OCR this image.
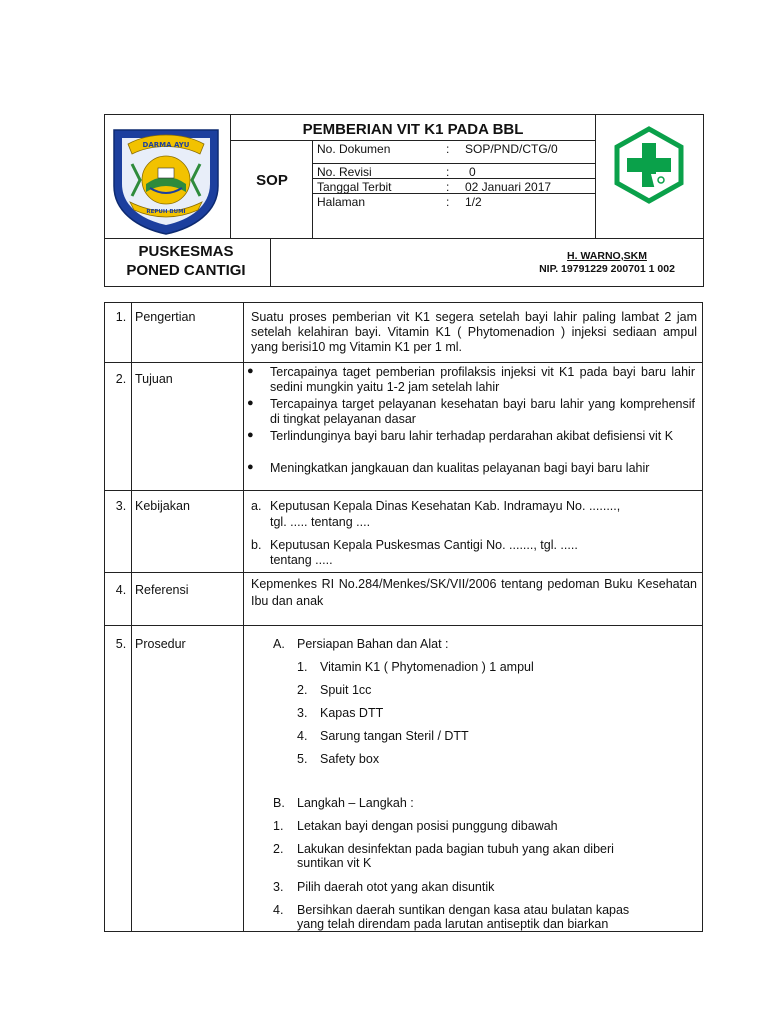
DARMA AYU
REPUH BUMI
PEMBERIAN VIT K1 PADA BBL
SOP
No. Dokumen	: SOP/PND/CTG/0
No. Revisi	: 0
Tanggal Terbit	: 02 Januari 2017
Halaman	: 1/2
PUSKESMAS
PONED CANTIGI
H. WARNO,SKM
NIP. 19791229 200701 1 002
1. Pengertian	Suatu proses pemberian vit K1 segera setelah bayi lahir paling lambat 2 jam setelah kelahiran bayi. Vitamin K1 ( Phytomenadion ) injeksi sediaan ampul yang berisi10 mg Vitamin K1 per 1 ml.
2. Tujuan
● Tercapainya taget pemberian profilaksis injeksi vit K1 pada bayi baru lahir sedini mungkin yaitu 1-2 jam setelah lahir
● Tercapainya target pelayanan kesehatan bayi baru lahir yang komprehensif di tingkat pelayanan dasar
● Terlindunginya bayi baru lahir terhadap perdarahan akibat defisiensi vit K
● Meningkatkan jangkauan dan kualitas pelayanan bagi bayi baru lahir
3. Kebijakan	a. Keputusan Kepala Dinas Kesehatan Kab. Indramayu No. ........,
tgl. ..... tentang ....
b. Keputusan Kepala Puskesmas Cantigi No. ......., tgl. .....
tentang .....
4. Referensi	Kepmenkes RI No.284/Menkes/SK/VII/2006 tentang pedoman Buku Kesehatan Ibu dan anak
5. Prosedur	A. Persiapan Bahan dan Alat :
1. Vitamin K1 ( Phytomenadion ) 1 ampul
2. Spuit 1cc
3. Kapas DTT
4. Sarung tangan Steril / DTT
5. Safety box
B. Langkah – Langkah :
1. Letakan bayi dengan posisi punggung dibawah
2. Lakukan desinfektan pada bagian tubuh yang akan diberi
suntikan vit K
3. Pilih daerah otot yang akan disuntik
4. Bersihkan daerah suntikan dengan kasa atau bulatan kapas
yang telah direndam pada larutan antiseptik dan biarkan
